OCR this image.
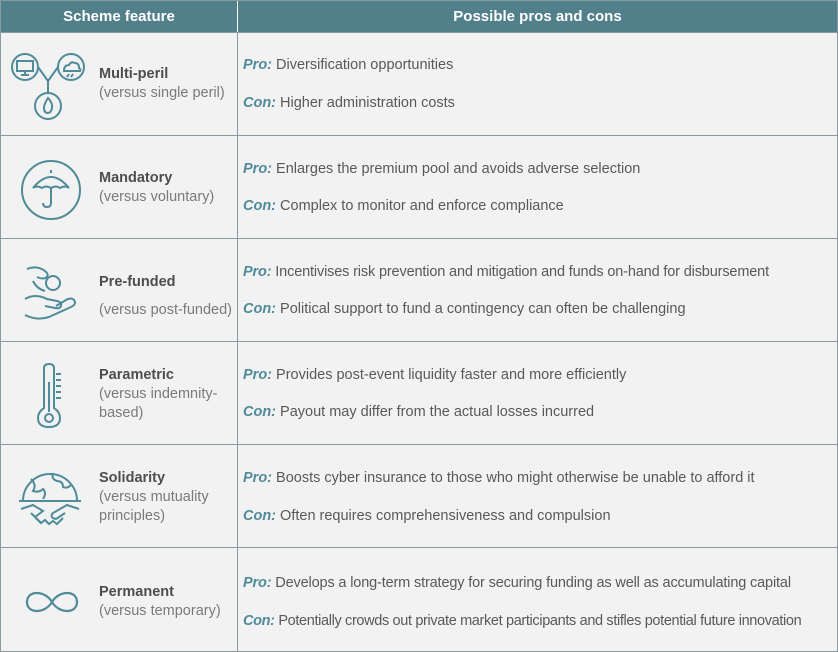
Scheme feature	Possible pros and cons
Multi-peril
(versus single peril)
Pro: Diversification opportunities
Con: Higher administration costs
Mandatory
(versus voluntary)
Pro: Enlarges the premium pool and avoids adverse selection
Con: Complex to monitor and enforce compliance
Pre-funded
(versus post-funded)
Pro: Incentivises risk prevention and mitigation and funds on-hand for disbursement
Con: Political support to fund a contingency can often be challenging
Parametric
(versus indemnity-
based)
Pro: Provides post-event liquidity faster and more efficiently
Con: Payout may differ from the actual losses incurred
Solidarity
(versus mutuality
principles)
Pro: Boosts cyber insurance to those who might otherwise be unable to afford it
Con: Often requires comprehensiveness and compulsion
Permanent
(versus temporary)
Pro: Develops a long-term strategy for securing funding as well as accumulating capital
Con: Potentially crowds out private market participants and stifles potential future innovation
